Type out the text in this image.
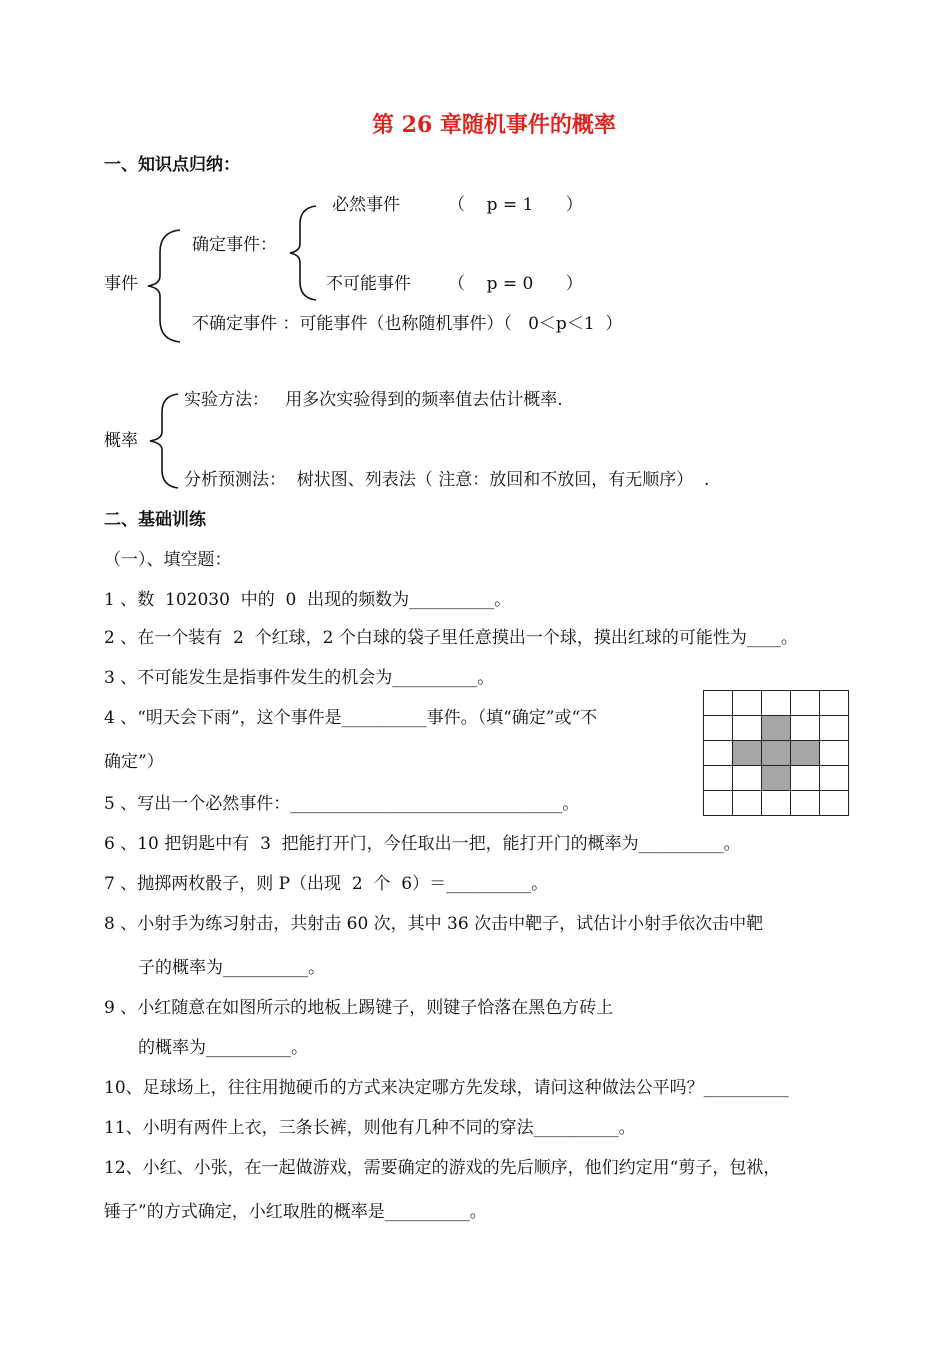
第 26 章随机事件的概率
一、知识点归纳：
事件
确定事件：
必然事件	（    p = 1      ）
不可能事件 （    p = 0      ）
不确定事件 ：可能事件（也称随机事件）（   0＜p＜1  ）
概率
实验方法：   用多次实验得到的频率值去估计概率.
分析预测法：  树状图、列表法（ 注意：放回和不放回，有无顺序）  .
二、基础训练
（一）、填空题：
1 、数  102030  中的  0  出现的频数为__________。
2 、在一个装有  2  个红球，2 个白球的袋子里任意摸出一个球，摸出红球的可能性为____。
3 、不可能发生是指事件发生的机会为__________。
4 、“明天会下雨”，这个事件是__________事件。（填“确定”或“不
确定”）
5 、写出一个必然事件：________________________________。
6 、10 把钥匙中有  3  把能打开门，今任取出一把，能打开门的概率为__________。
7 、抛掷两枚骰子，则 P（出现  2  个  6）＝__________。
8 、小射手为练习射击，共射击 60 次，其中 36 次击中靶子，试估计小射手依次击中靶
子的概率为__________。
9 、小红随意在如图所示的地板上踢键子，则键子恰落在黑色方砖上
的概率为__________。
10、足球场上，往往用抛硬币的方式来决定哪方先发球，请问这种做法公平吗？__________
11、小明有两件上衣，三条长裤，则他有几种不同的穿法__________。
12、小红、小张，在一起做游戏，需要确定的游戏的先后顺序，他们约定用“剪子，包袱，
锤子”的方式确定，小红取胜的概率是__________。
